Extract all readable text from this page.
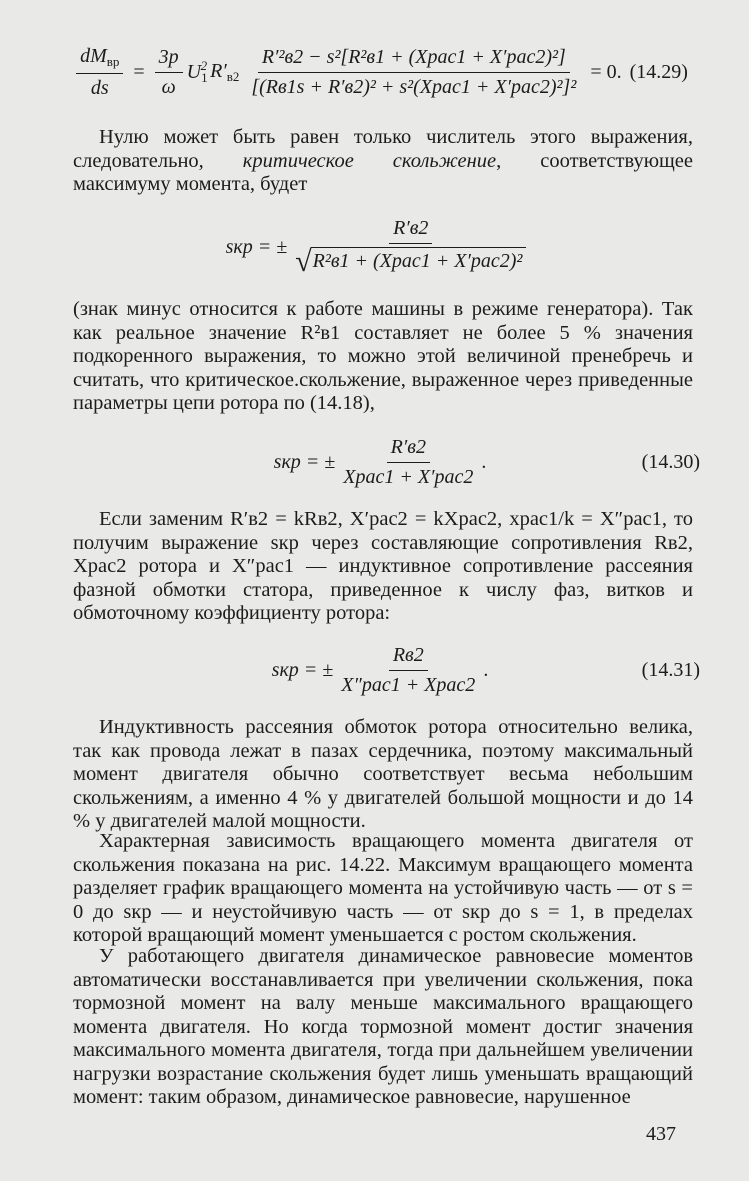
$\frac{dM_{вр}}{ds} = \frac{3p}{\omega} U_1^2$ $R'_{в2} \frac{\text{R′²в2 − s²[R²в1 + (Xрас1 + X′рас2)²]}}{\text{[(Rв1s + R′в2)² + s²(Xрас1 + X′рас2)²]²}} = 0$. (14.29)

Нулю может быть равен только числитель этого выражения, следовательно, критическое скольжение, соответствующее максимуму момента, будет

sкр = ± $\frac{R'в2}{\text{√ R²в1 + (Xрас1 + X′рас2)²}}$

(знак минус относится к работе машины в режиме генератора). Так как реальное значение R²в1 составляет не более 5 % значения подкоренного выражения, то можно этой величиной пренебречь и считать, что критическое.скольжение, выраженное через приведенные параметры цепи ротора по (14.18),

sкр = ± $\frac{R'в2}{\text{Xрас1 + X′рас2}}$ .	(14.30)

Если заменим R′в2 = kRв2, X′рас2 = kXрас2, xрас1/k = X″рас1, то получим выражение sкр через составляющие сопротивления Rв2, Xрас2 ротора и X″рас1 — индуктивное сопротивление рассеяния фазной обмотки статора, приведенное к числу фаз, витков и обмоточному коэффициенту ротора:

sкр = ± $\frac{Rв2}{\text{X″рас1 + Xрас2}}$ .	(14.31)

Индуктивность рассеяния обмоток ротора относительно велика, так как провода лежат в пазах сердечника, поэтому максимальный момент двигателя обычно соответствует весьма небольшим скольжениям, а именно 4 % у двигателей большой мощности и до 14 % у двигателей малой мощности.

Характерная зависимость вращающего момента двигателя от скольжения показана на рис. 14.22. Максимум вращающего момента разделяет график вращающего момента на устойчивую часть — от s = 0 до sкр — и неустойчивую часть — от sкр до s = 1, в пределах которой вращающий момент уменьшается с ростом скольжения.

У работающего двигателя динамическое равновесие моментов автоматически восстанавливается при увеличении скольжения, пока тормозной момент на валу меньше максимального вращающего момента двигателя. Но когда тормозной момент достиг значения максимального момента двигателя, тогда при дальнейшем увеличении нагрузки возрастание скольжения будет лишь уменьшать вращающий момент: таким образом, динамическое равновесие, нарушенное

437
